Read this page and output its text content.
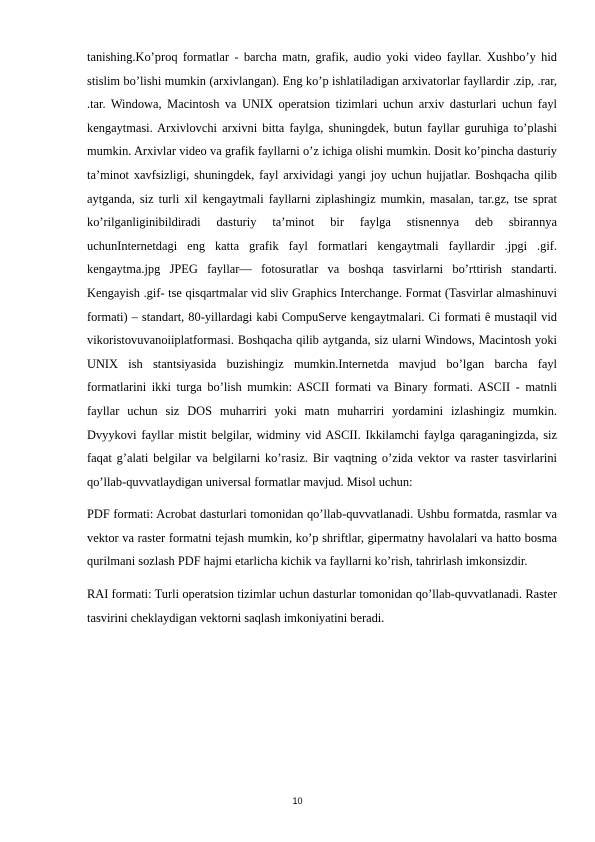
tanishing.Ko’proq formatlar - barcha matn, grafik, audio yoki video fayllar. Xushbo’y hid stislim bo’lishi mumkin (arxivlangan). Eng ko’p ishlatiladigan arxivatorlar fayllardir .zip, .rar, .tar. Windowa, Macintosh va UNIX operatsion tizimlari uchun arxiv dasturlari uchun fayl kengaytmasi. Arxivlovchi arxivni bitta faylga, shuningdek, butun fayllar guruhiga to’plashi mumkin. Arxivlar video va grafik fayllarni o’z ichiga olishi mumkin. Dosit ko’pincha dasturiy ta’minot xavfsizligi, shuningdek, fayl arxividagi yangi joy uchun hujjatlar. Boshqacha qilib aytganda, siz turli xil kengaytmali fayllarni ziplashingiz mumkin, masalan, tar.gz, tse sprat ko’rilganliginibildiradi dasturiy ta’minot bir faylga stisnennya deb sbirannya uchunInternetdagi eng katta grafik fayl formatlari kengaytmali fayllardir .jpgi .gif. kengaytma.jpg JPEG fayllar— fotosuratlar va boshqa tasvirlarni bo’rttirish standarti. Kengayish .gif- tse qisqartmalar vid sliv Graphics Interchange. Format (Tasvirlar almashinuvi formati) – standart, 80-yillardagi kabi CompuServe kengaytmalari. Ci formati ê mustaqil vid vikoristovuvanoiiplatformasi. Boshqacha qilib aytganda, siz ularni Windows, Macintosh yoki UNIX ish stantsiyasida buzishingiz mumkin.Internetda mavjud bo’lgan barcha fayl formatlarini ikki turga bo’lish mumkin: ASCII formati va Binary formati. ASCII - matnli fayllar uchun siz DOS muharriri yoki matn muharriri yordamini izlashingiz mumkin. Dvyykovi fayllar mistit belgilar, widminy vid ASCII. Ikkilamchi faylga qaraganingizda, siz faqat g’alati belgilar va belgilarni ko’rasiz. Bir vaqtning o’zida vektor va raster tasvirlarini qo’llab-quvvatlaydigan universal formatlar mavjud. Misol uchun:

PDF formati: Acrobat dasturlari tomonidan qo’llab-quvvatlanadi. Ushbu formatda, rasmlar va vektor va raster formatni tejash mumkin, ko’p shriftlar, gipermatny havolalari va hatto bosma qurilmani sozlash PDF hajmi etarlicha kichik va fayllarni ko’rish, tahrirlash imkonsizdir.

RAI formati: Turli operatsion tizimlar uchun dasturlar tomonidan qo’llab-quvvatlanadi. Raster tasvirini cheklaydigan vektorni saqlash imkoniyatini beradi.

10
